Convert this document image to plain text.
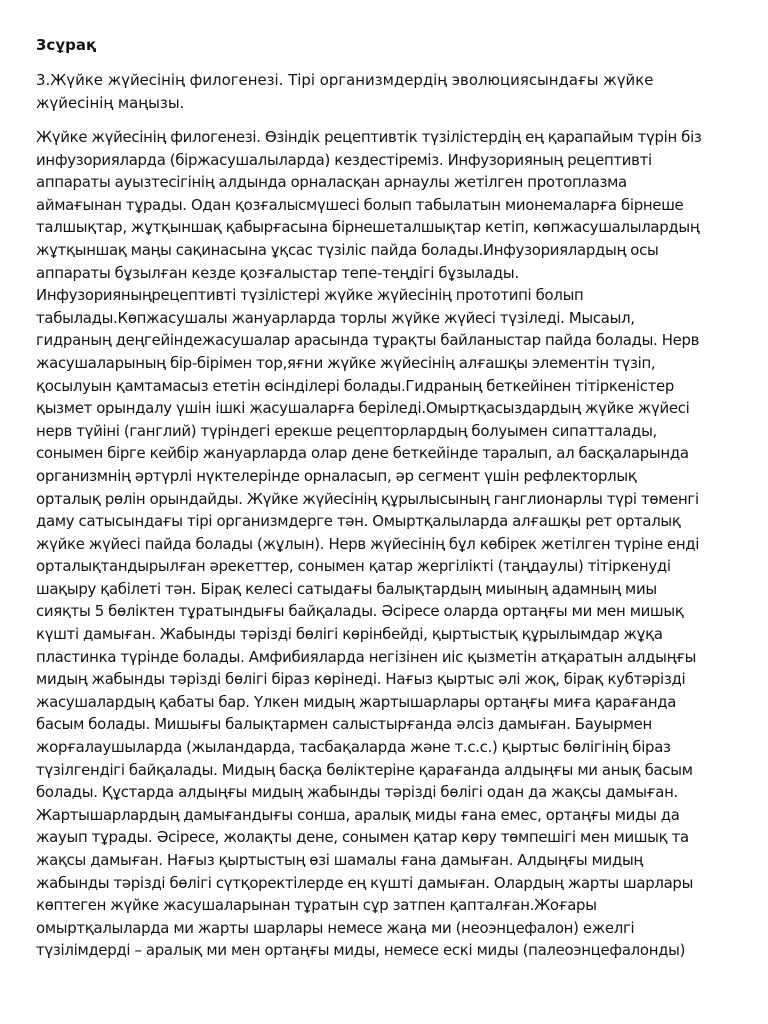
3сұрақ
3.Жүйке жүйесінің филогенезі. Тірі организмдердің эволюциясындағы жүйке
жүйесінің маңызы.
Жүйке жүйесінің филогенезі. Өзіндік рецептивтік түзілістердің ең қарапайым түрін біз
инфузорияларда (біржасушалыларда) кездестіреміз. Инфузорияның рецептивті
аппараты ауызтесігінің алдында орналасқан арнаулы жетілген протоплазма
аймағынан тұрады. Одан қозғалысмүшесі болып табылатын мионемаларға бірнеше
талшықтар, жұтқыншақ қабырғасына бірнешеталшықтар кетіп, көпжасушалылардың
жұтқыншақ маңы сақинасына ұқсас түзіліс пайда болады.Инфузориялардың осы
аппараты бұзылған кезде қозғалыстар тепе-теңдігі бұзылады.
Инфузорияныңрецептивті түзілістері жүйке жүйесінің прототипі болып
табылады.Көпжасушалы жануарларда торлы жүйке жүйесі түзіледі. Мысаыл,
гидраның деңгейіндежасушалар арасында тұрақты байланыстар пайда болады. Нерв
жасушаларының бір-бірімен тор,яғни жүйке жүйесінің алғашқы элементін түзіп,
қосылуын қамтамасыз ететін өсінділері болады.Гидраның беткейінен тітіркеністер
қызмет орындалу үшін ішкі жасушаларға беріледі.Омыртқасыздардың жүйке жүйесі
нерв түйіні (ганглий) түріндегі ерекше рецепторлардың болуымен сипатталады,
сонымен бірге кейбір жануарларда олар дене беткейінде таралып, ал басқаларында
организмнің әртүрлі нүктелерінде орналасып, әр сегмент үшін рефлекторлық
орталық рөлін орындайды. Жүйке жүйесінің құрылысының ганглионарлы түрі төменгі
даму сатысындағы тірі организмдерге тән. Омыртқалыларда алғашқы рет орталық
жүйке жүйесі пайда болады (жұлын). Нерв жүйесінің бұл көбірек жетілген түріне енді
орталықтандырылған әрекеттер, сонымен қатар жергілікті (таңдаулы) тітіркенуді
шақыру қабілеті тән. Бірақ келесі сатыдағы балықтардың миының адамның миы
сияқты 5 бөліктен тұратындығы байқалады. Әсіресе оларда ортаңғы ми мен мишық
күшті дамыған. Жабынды тәрізді бөлігі көрінбейді, қыртыстық құрылымдар жұқа
пластинка түрінде болады. Амфибияларда негізінен иіс қызметін атқаратын алдыңғы
мидың жабынды тәрізді бөлігі біраз көрінеді. Нағыз қыртыс әлі жоқ, бірақ кубтәрізді
жасушалардың қабаты бар. Үлкен мидың жартышарлары ортаңғы миға қарағанда
басым болады. Мишығы балықтармен салыстырғанда әлсіз дамыған. Бауырмен
жорғалаушыларда (жыландарда, тасбақаларда және т.с.с.) қыртыс бөлігінің біраз
түзілгендігі байқалады. Мидың басқа бөліктеріне қарағанда алдыңғы ми анық басым
болады. Құстарда алдыңғы мидың жабынды тәрізді бөлігі одан да жақсы дамыған.
Жартышарлардың дамығандығы сонша, аралық миды ғана емес, ортаңғы миды да
жауып тұрады. Әсіресе, жолақты дене, сонымен қатар көру төмпешігі мен мишық та
жақсы дамыған. Нағыз қыртыстың өзі шамалы ғана дамыған. Алдыңғы мидың
жабынды тәрізді бөлігі сүтқоректілерде ең күшті дамыған. Олардың жарты шарлары
көптеген жүйке жасушаларынан тұратын сұр затпен қапталған.Жоғары
омыртқалыларда ми жарты шарлары немесе жаңа ми (неоэнцефалон) ежелгі
түзілімдерді – аралық ми мен ортаңғы миды, немесе ескі миды (палеоэнцефалонды)
